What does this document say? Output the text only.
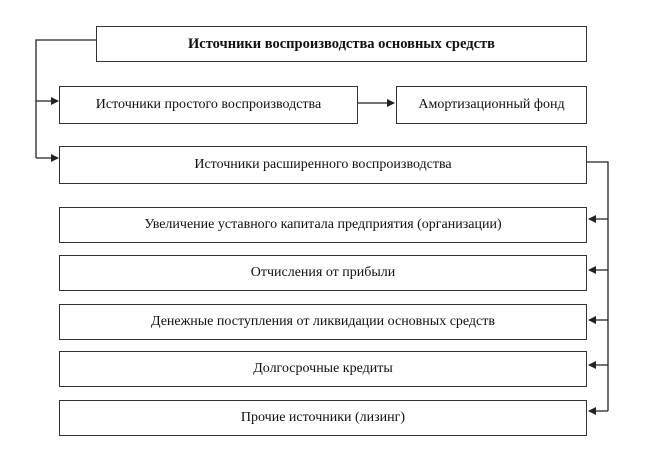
Источники воспроизводства основных средств
Источники простого воспроизводства	Амортизационный фонд
Источники расширенного воспроизводства
Увеличение уставного капитала предприятия (организации)
Отчисления от прибыли
Денежные поступления от ликвидации основных средств
Долгосрочные кредиты
Прочие источники (лизинг)
